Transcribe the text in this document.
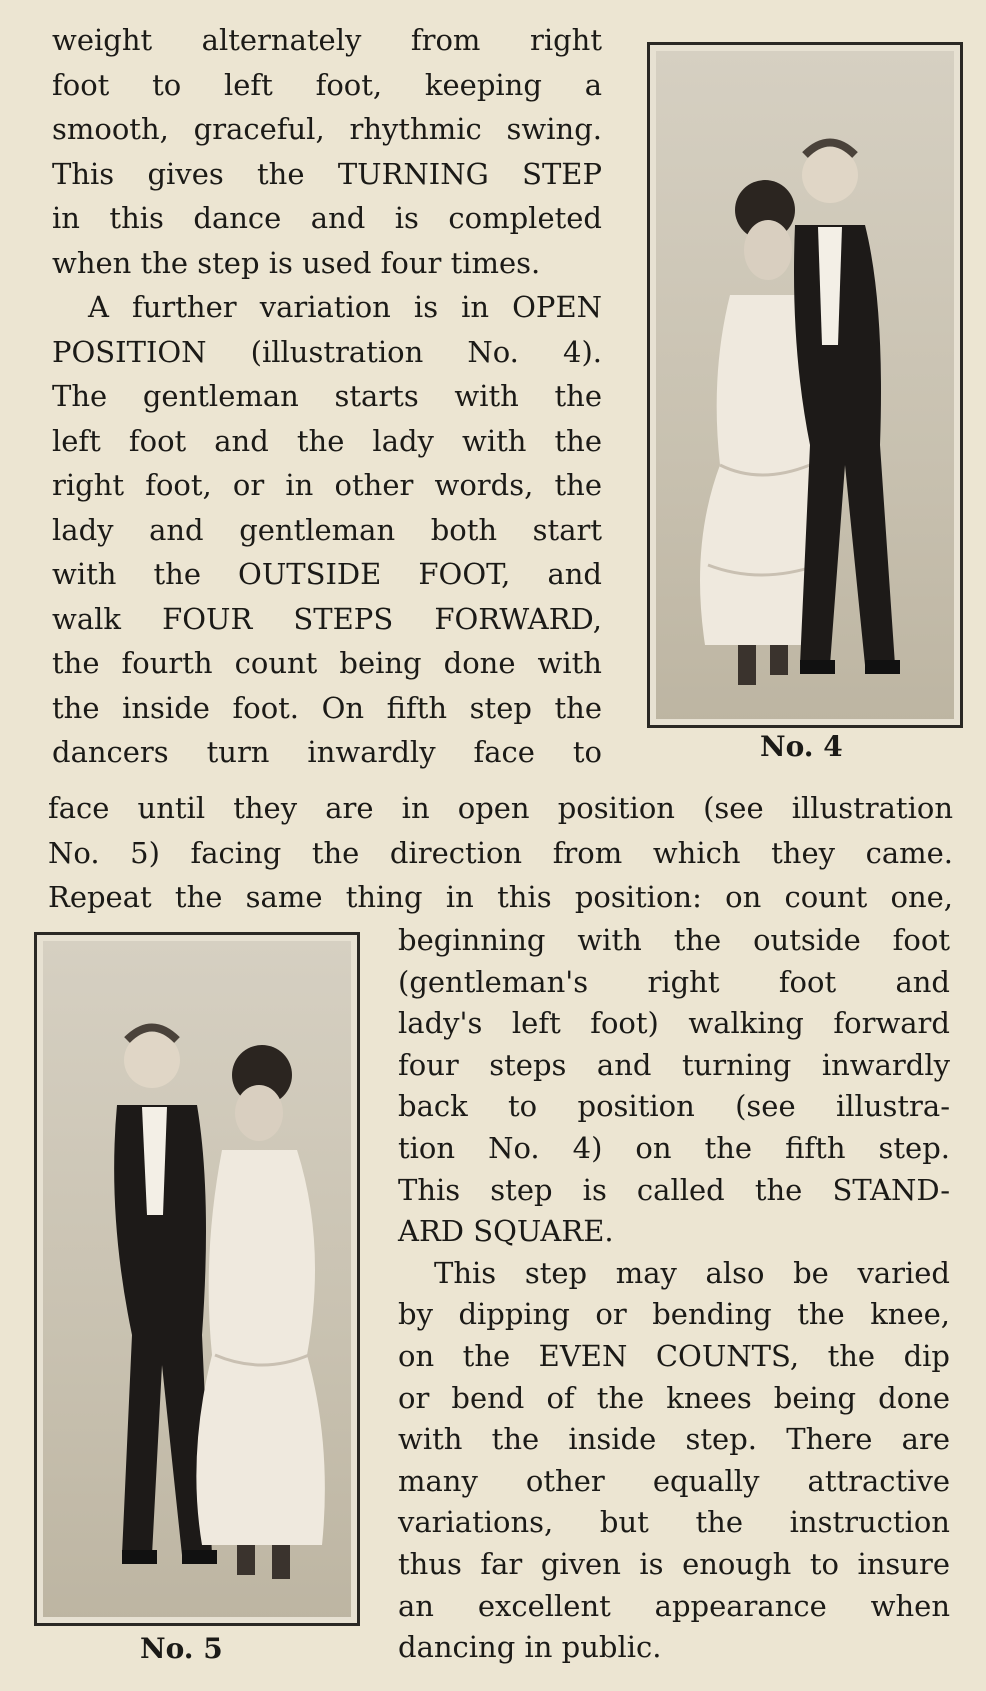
weight alternately from right
foot to left foot, keeping a
smooth, graceful, rhythmic swing.
This gives the TURNING STEP
in this dance and is completed
when the step is used four times.
A further variation is in OPEN
POSITION (illustration No. 4).
The gentleman starts with the
left foot and the lady with the
right foot, or in other words, the
lady and gentleman both start
with the OUTSIDE FOOT, and
walk FOUR STEPS FORWARD,
the fourth count being done with
the inside foot. On fifth step the
dancers turn inwardly face to	No. 4
face until they are in open position (see illustration
No. 5) facing the direction from which they came.
Repeat the same thing in this position: on count one,
No. 5
beginning with the outside foot
(gentleman's right foot and
lady's left foot) walking forward
four steps and turning inwardly
back to position (see illustra-
tion No. 4) on the fifth step.
This step is called the STAND-
ARD SQUARE.
This step may also be varied
by dipping or bending the knee,
on the EVEN COUNTS, the dip
or bend of the knees being done
with the inside step. There are
many other equally attractive
variations, but the instruction
thus far given is enough to insure
an excellent appearance when
dancing in public.
